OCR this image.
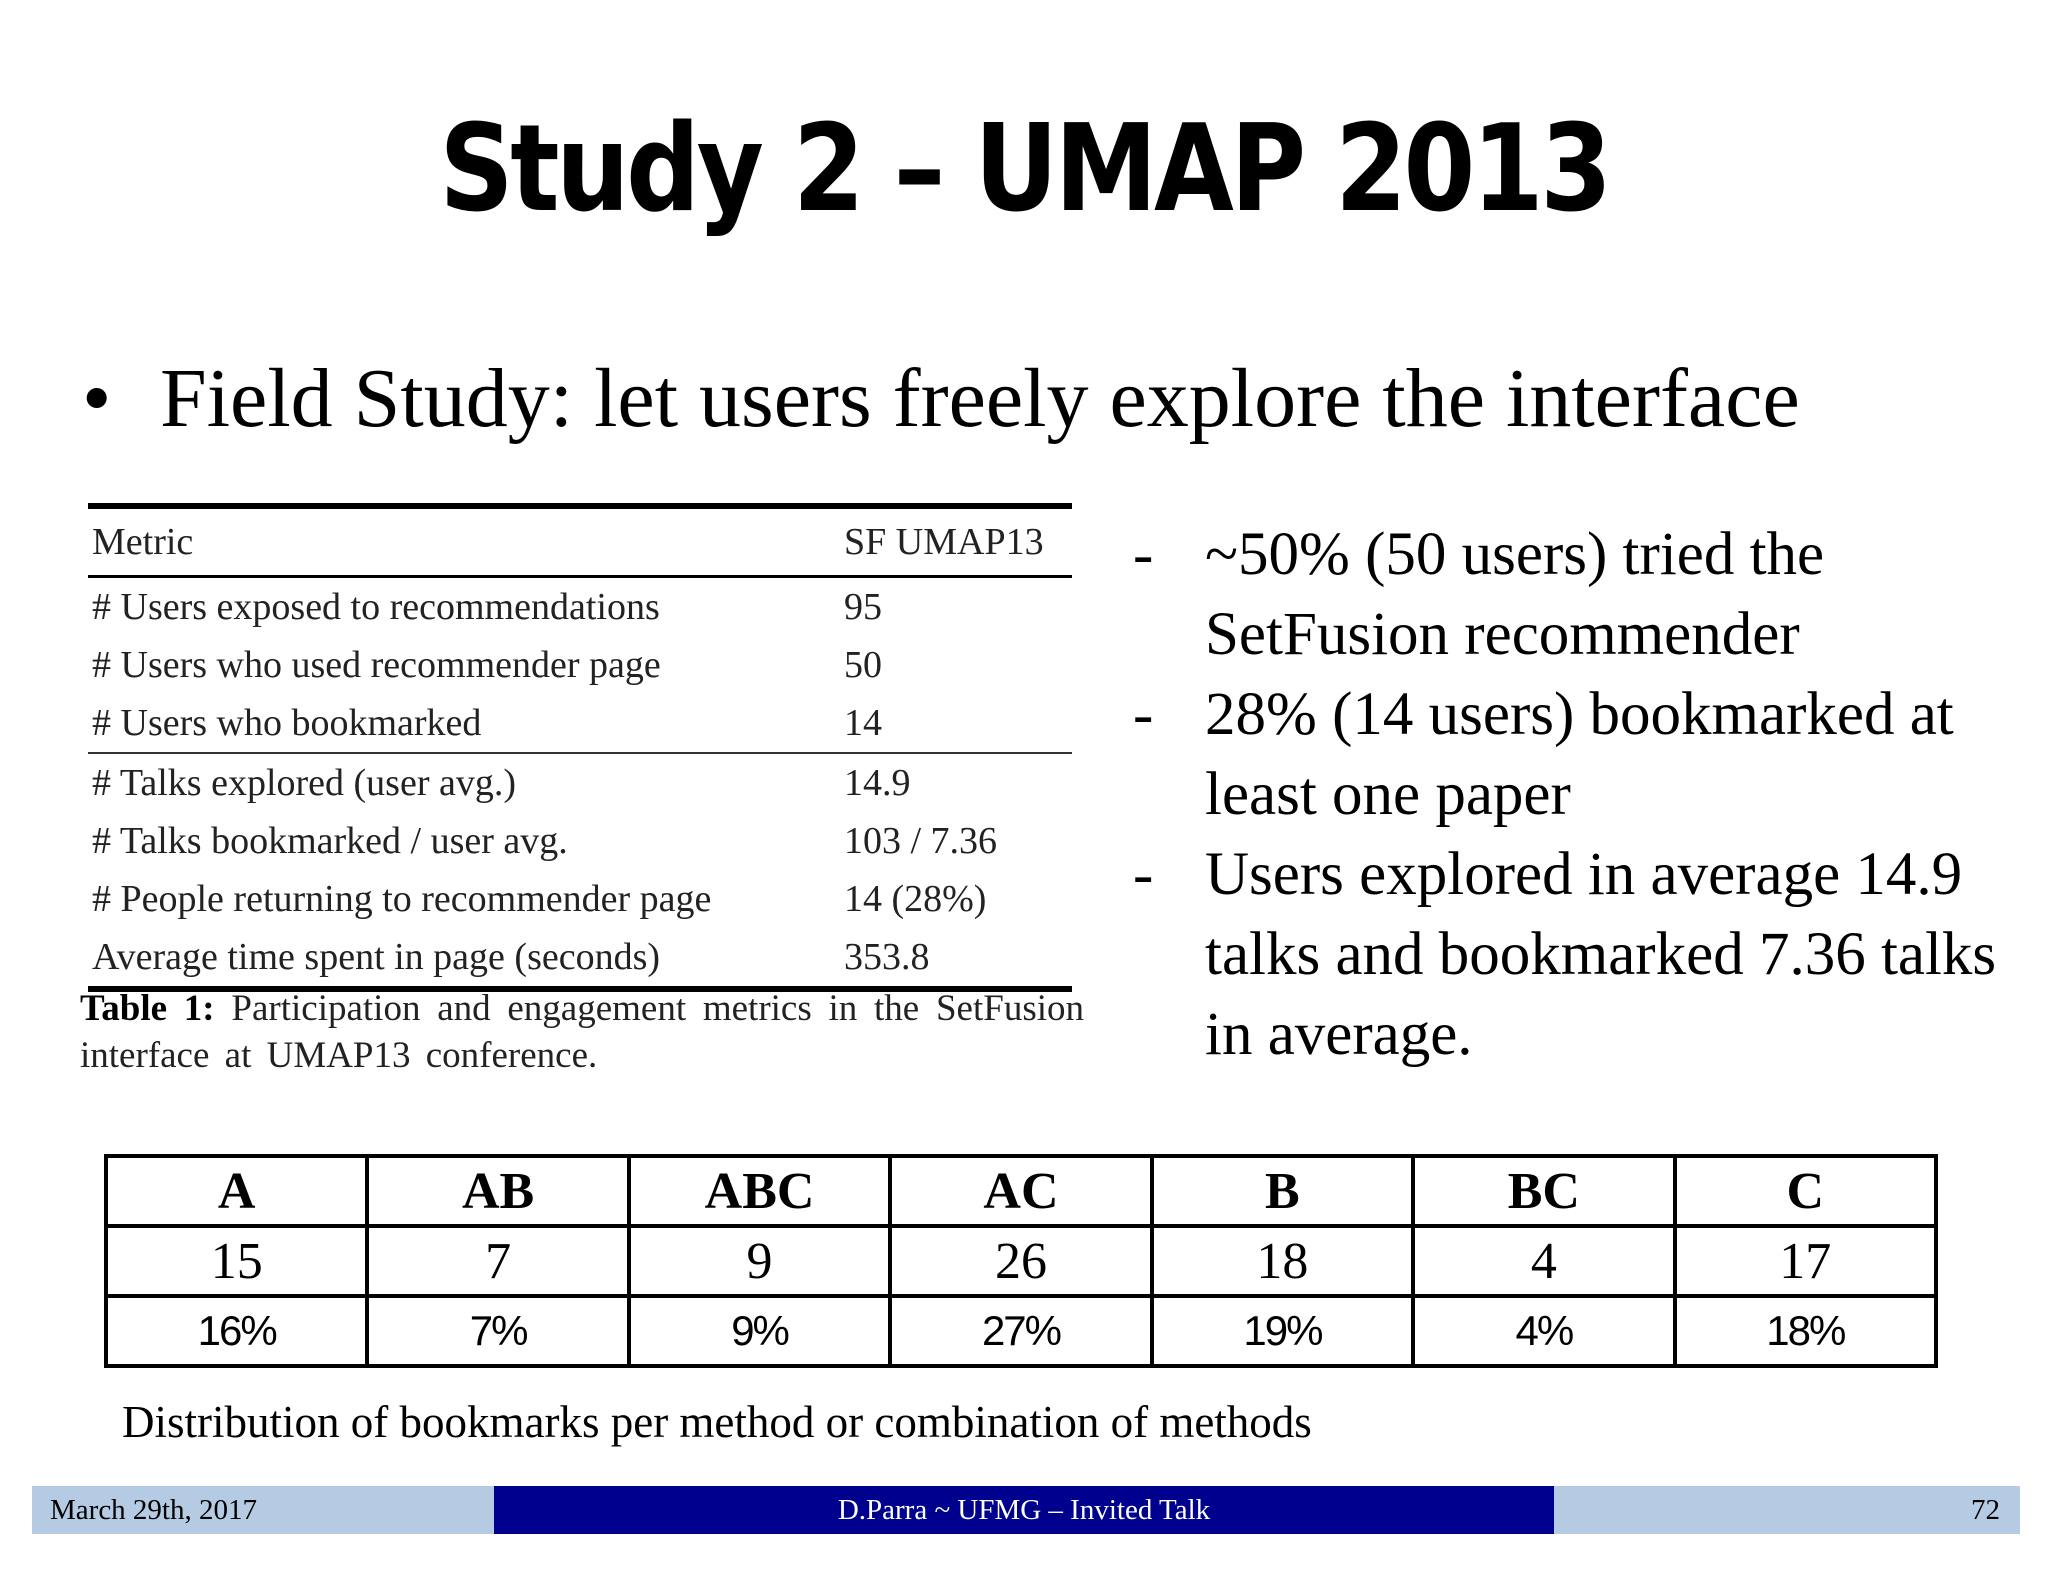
Study 2 – UMAP 2013
• Field Study: let users freely explore the interface
Metric	SF UMAP13
# Users exposed to recommendations	95
# Users who used recommender page	50
# Users who bookmarked	14
# Talks explored (user avg.)	14.9
# Talks bookmarked / user avg.	103 / 7.36
# People returning to recommender page	14 (28%)
Average time spent in page (seconds)	353.8
Table 1: Participation and engagement metrics in the SetFusion interface at UMAP13 conference.
- ~50% (50 users) tried the SetFusion recommender
- 28% (14 users) bookmarked at least one paper
- Users explored in average 14.9 talks and bookmarked 7.36 talks in average.
A	AB	ABC	AC	B	BC	C
15	7	9	26	18	4	17
16%	7%	9%	27%	19%	4%	18%
Distribution of bookmarks per method or combination of methods
March 29th, 2017	D.Parra ~ UFMG – Invited Talk	72
